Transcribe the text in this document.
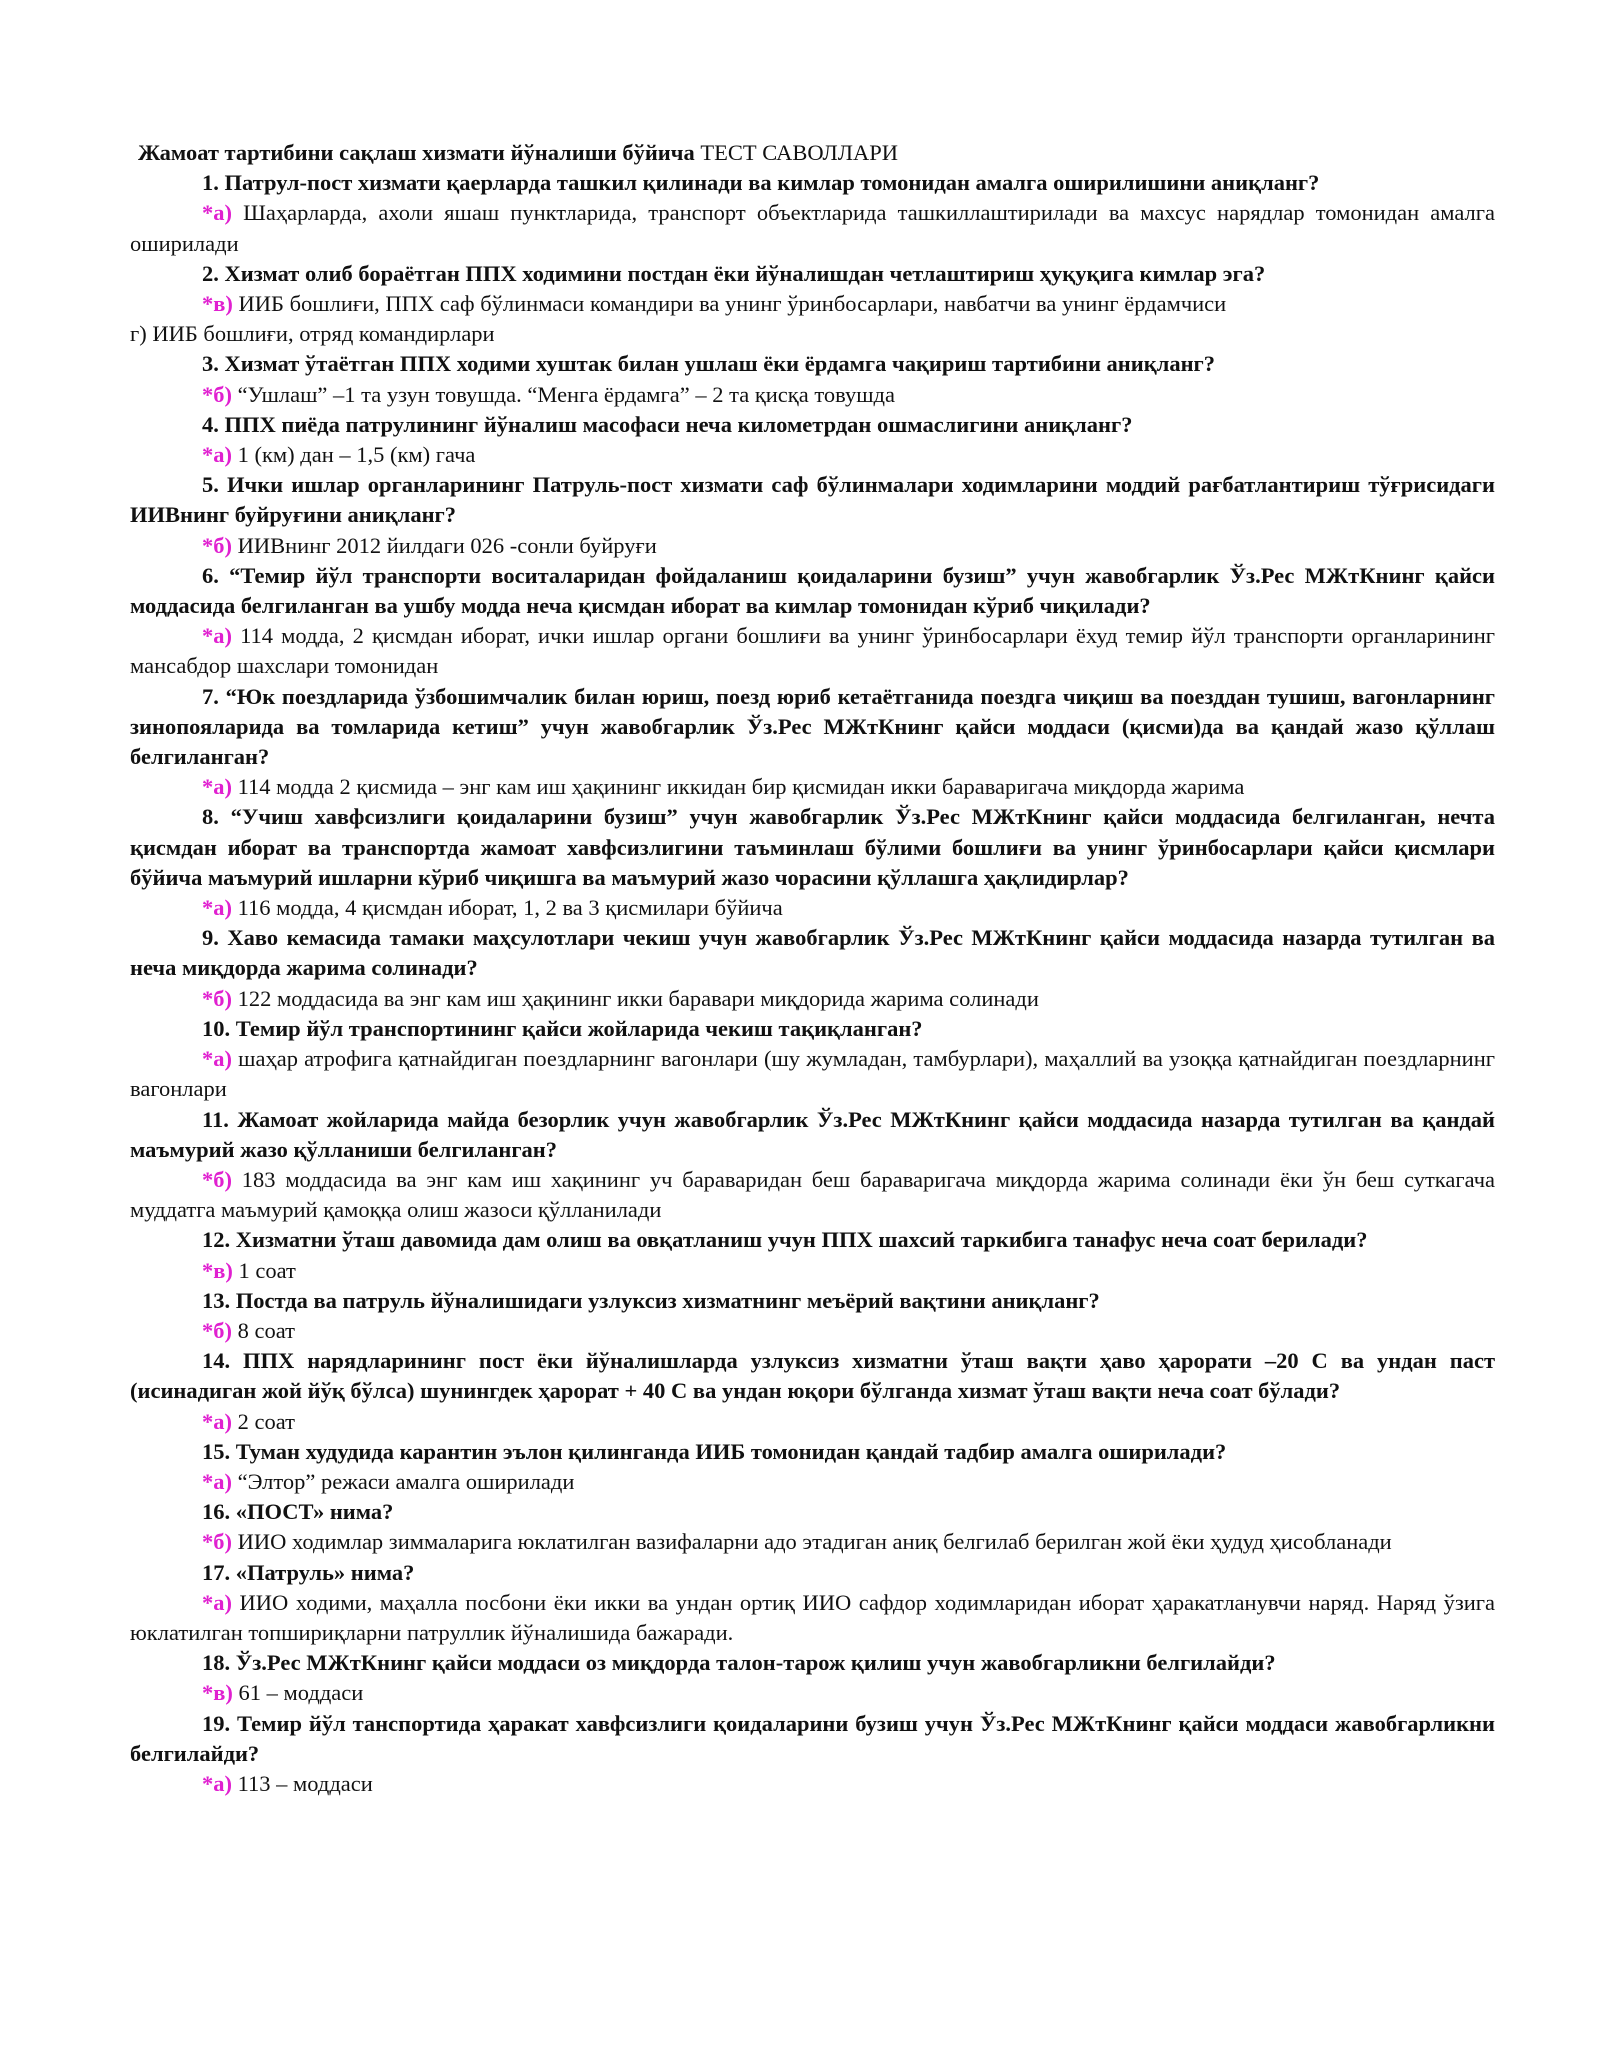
Жамоат тартибини сақлаш хизмати йўналиши бўйича ТЕСТ САВОЛЛАРИ

1. Патрул-пост хизмати қаерларда ташкил қилинади ва кимлар томонидан амалга оширилишини аниқланг?

*а) Шаҳарларда, ахоли яшаш пунктларида, транспорт объектларида ташкиллаштирилади ва махсус нарядлар томонидан амалга оширилади

2. Хизмат олиб бораётган ППХ ходимини постдан ёки йўналишдан четлаштириш ҳуқуқига кимлар эга?

*в) ИИБ бошлиғи, ППХ саф бўлинмаси командири ва унинг ўринбосарлари, навбатчи ва унинг ёрдамчиси

г) ИИБ бошлиғи, отряд командирлари

3. Хизмат ўтаётган ППХ ходими хуштак билан ушлаш ёки ёрдамга чақириш тартибини аниқланг?

*б) “Ушлаш” –1 та узун товушда. “Менга ёрдамга” – 2 та қисқа товушда

4. ППХ пиёда патрулининг йўналиш масофаси неча километрдан ошмаслигини аниқланг?

*а) 1 (км) дан – 1,5 (км) гача

5. Ички ишлар органларининг Патруль-пост хизмати саф бўлинмалари ходимларини моддий рағбатлантириш тўғрисидаги ИИВнинг буйруғини аниқланг?

*б) ИИВнинг 2012 йилдаги 026 -сонли буйруғи

6. “Темир йўл транспорти воситаларидан фойдаланиш қоидаларини бузиш” учун жавобгарлик Ўз.Рес МЖтКнинг қайси моддасида белгиланган ва ушбу модда неча қисмдан иборат ва кимлар томонидан кўриб чиқилади?

*а) 114 модда, 2 қисмдан иборат, ички ишлар органи бошлиғи ва унинг ўринбосарлари ёхуд темир йўл транспорти органларининг мансабдор шахслари томонидан

7. “Юк поездларида ўзбошимчалик билан юриш, поезд юриб кетаётганида поездга чиқиш ва поезддан тушиш, вагонларнинг зинопояларида ва томларида кетиш” учун жавобгарлик Ўз.Рес МЖтКнинг қайси моддаси (қисми)да ва қандай жазо қўллаш белгиланган?

*а) 114 модда 2 қисмида – энг кам иш ҳақининг иккидан бир қисмидан икки бараваригача миқдорда жарима

8. “Учиш хавфсизлиги қоидаларини бузиш” учун жавобгарлик Ўз.Рес МЖтКнинг қайси моддасида белгиланган, нечта қисмдан иборат ва транспортда жамоат хавфсизлигини таъминлаш бўлими бошлиғи ва унинг ўринбосарлари қайси қисмлари бўйича маъмурий ишларни кўриб чиқишга ва маъмурий жазо чорасини қўллашга ҳақлидирлар?

*а) 116 модда, 4 қисмдан иборат, 1, 2 ва 3 қисмилари бўйича

9. Хаво кемасида тамаки маҳсулотлари чекиш учун жавобгарлик Ўз.Рес МЖтКнинг қайси моддасида назарда тутилган ва неча миқдорда жарима солинади?

*б) 122 моддасида ва энг кам иш ҳақининг икки баравари миқдорида жарима солинади

10. Темир йўл транспортининг қайси жойларида чекиш тақиқланган?

*а) шаҳар атрофига қатнайдиган поездларнинг вагонлари (шу жумладан, тамбурлари), маҳаллий ва узоққа қатнайдиган поездларнинг вагонлари

11. Жамоат жойларида майда безорлик учун жавобгарлик Ўз.Рес МЖтКнинг қайси моддасида назарда тутилган ва қандай маъмурий жазо қўлланиши белгиланган?

*б) 183 моддасида ва энг кам иш хақининг уч бараваридан беш бараваригача миқдорда жарима солинади ёки ўн беш суткагача муддатга маъмурий қамоққа олиш жазоси қўлланилади

12. Хизматни ўташ давомида дам олиш ва овқатланиш учун ППХ шахсий таркибига танафус неча соат берилади?

*в) 1 соат

13. Постда ва патруль йўналишидаги узлуксиз хизматнинг меъёрий вақтини аниқланг?

*б) 8 соат

14. ППХ нарядларининг пост ёки йўналишларда узлуксиз хизматни ўташ вақти ҳаво ҳарорати –20 С ва ундан паст (исинадиган жой йўқ бўлса) шунингдек ҳарорат + 40 С ва ундан юқори бўлганда хизмат ўташ вақти неча соат бўлади?

*а) 2 соат

15. Туман худудида карантин эълон қилинганда ИИБ томонидан қандай тадбир амалга оширилади?

*а) “Элтор” режаси амалга оширилади

16. «ПОСТ» нима?

*б) ИИО ходимлар зиммаларига юклатилган вазифаларни адо этадиган аниқ белгилаб берилган жой ёки ҳудуд ҳисобланади

17. «Патруль» нима?

*а) ИИО ходими, маҳалла посбони ёки икки ва ундан ортиқ ИИО сафдор ходимларидан иборат ҳаракатланувчи наряд. Наряд ўзига юклатилган топшириқларни патруллик йўналишида бажаради.

18. Ўз.Рес МЖтКнинг қайси моддаси оз миқдорда талон-тарож қилиш учун жавобгарликни белгилайди?

*в) 61 – моддаси

19. Темир йўл танспортида ҳаракат хавфсизлиги қоидаларини бузиш учун Ўз.Рес МЖтКнинг қайси моддаси жавобгарликни белгилайди?

*а) 113 – моддаси
